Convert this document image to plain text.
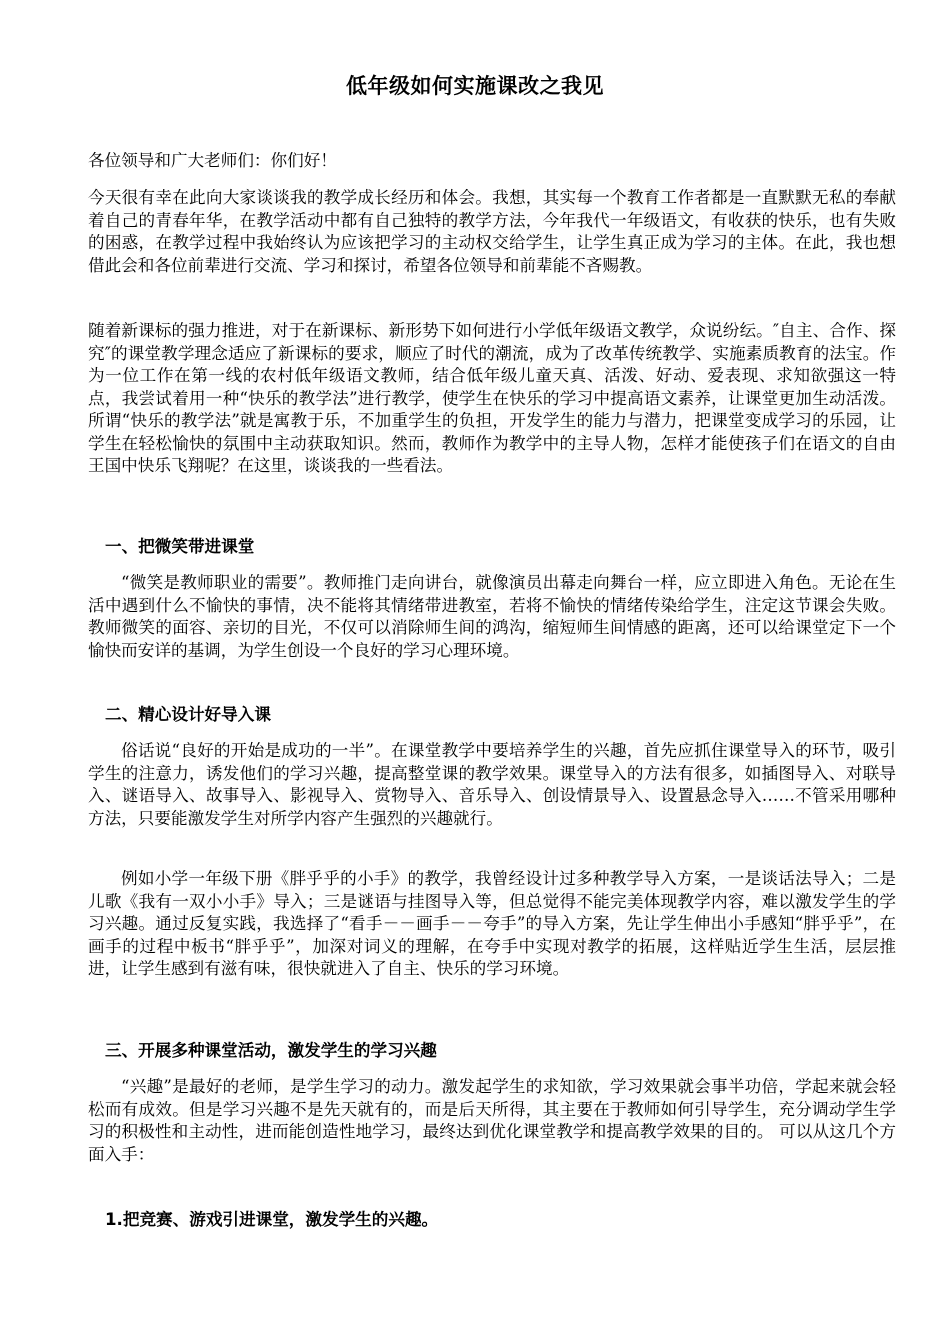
低年级如何实施课改之我见
各位领导和广大老师们：你们好！
今天很有幸在此向大家谈谈我的教学成长经历和体会。我想，其实每一个教育工作者都是一直默默无私的奉献着自己的青春年华，在教学活动中都有自己独特的教学方法，今年我代一年级语文，有收获的快乐，也有失败的困惑，在教学过程中我始终认为应该把学习的主动权交给学生，让学生真正成为学习的主体。在此，我也想借此会和各位前辈进行交流、学习和探讨，希望各位领导和前辈能不吝赐教。
随着新课标的强力推进，对于在新课标、新形势下如何进行小学低年级语文教学，众说纷纭。″自主、合作、探究″的课堂教学理念适应了新课标的要求，顺应了时代的潮流，成为了改革传统教学、实施素质教育的法宝。作为一位工作在第一线的农村低年级语文教师，结合低年级儿童天真、活泼、好动、爱表现、求知欲强这一特点，我尝试着用一种“快乐的教学法”进行教学，使学生在快乐的学习中提高语文素养，让课堂更加生动活泼。所谓“快乐的教学法”就是寓教于乐，不加重学生的负担，开发学生的能力与潜力，把课堂变成学习的乐园，让学生在轻松愉快的氛围中主动获取知识。然而，教师作为教学中的主导人物，怎样才能使孩子们在语文的自由王国中快乐飞翔呢？在这里，谈谈我的一些看法。
一、把微笑带进课堂
“微笑是教师职业的需要”。教师推门走向讲台，就像演员出幕走向舞台一样，应立即进入角色。无论在生活中遇到什么不愉快的事情，决不能将其情绪带进教室，若将不愉快的情绪传染给学生，注定这节课会失败。教师微笑的面容、亲切的目光，不仅可以消除师生间的鸿沟，缩短师生间情感的距离，还可以给课堂定下一个愉快而安详的基调，为学生创设一个良好的学习心理环境。
二、精心设计好导入课
俗话说“良好的开始是成功的一半”。在课堂教学中要培养学生的兴趣，首先应抓住课堂导入的环节，吸引学生的注意力，诱发他们的学习兴趣，提高整堂课的教学效果。课堂导入的方法有很多，如插图导入、对联导入、谜语导入、故事导入、影视导入、赏物导入、音乐导入、创设情景导入、设置悬念导入……不管采用哪种方法，只要能激发学生对所学内容产生强烈的兴趣就行。
例如小学一年级下册《胖乎乎的小手》的教学，我曾经设计过多种教学导入方案，一是谈话法导入；二是儿歌《我有一双小小手》导入；三是谜语与挂图导入等，但总觉得不能完美体现教学内容，难以激发学生的学习兴趣。通过反复实践，我选择了“看手－－画手－－夸手”的导入方案，先让学生伸出小手感知“胖乎乎”，在画手的过程中板书“胖乎乎”，加深对词义的理解，在夸手中实现对教学的拓展，这样贴近学生生活，层层推进，让学生感到有滋有味，很快就进入了自主、快乐的学习环境。
三、开展多种课堂活动，激发学生的学习兴趣
“兴趣”是最好的老师，是学生学习的动力。激发起学生的求知欲，学习效果就会事半功倍，学起来就会轻松而有成效。但是学习兴趣不是先天就有的，而是后天所得，其主要在于教师如何引导学生，充分调动学生学习的积极性和主动性，进而能创造性地学习，最终达到优化课堂教学和提高教学效果的目的。 可以从这几个方面入手：
1.把竞赛、游戏引进课堂，激发学生的兴趣。
